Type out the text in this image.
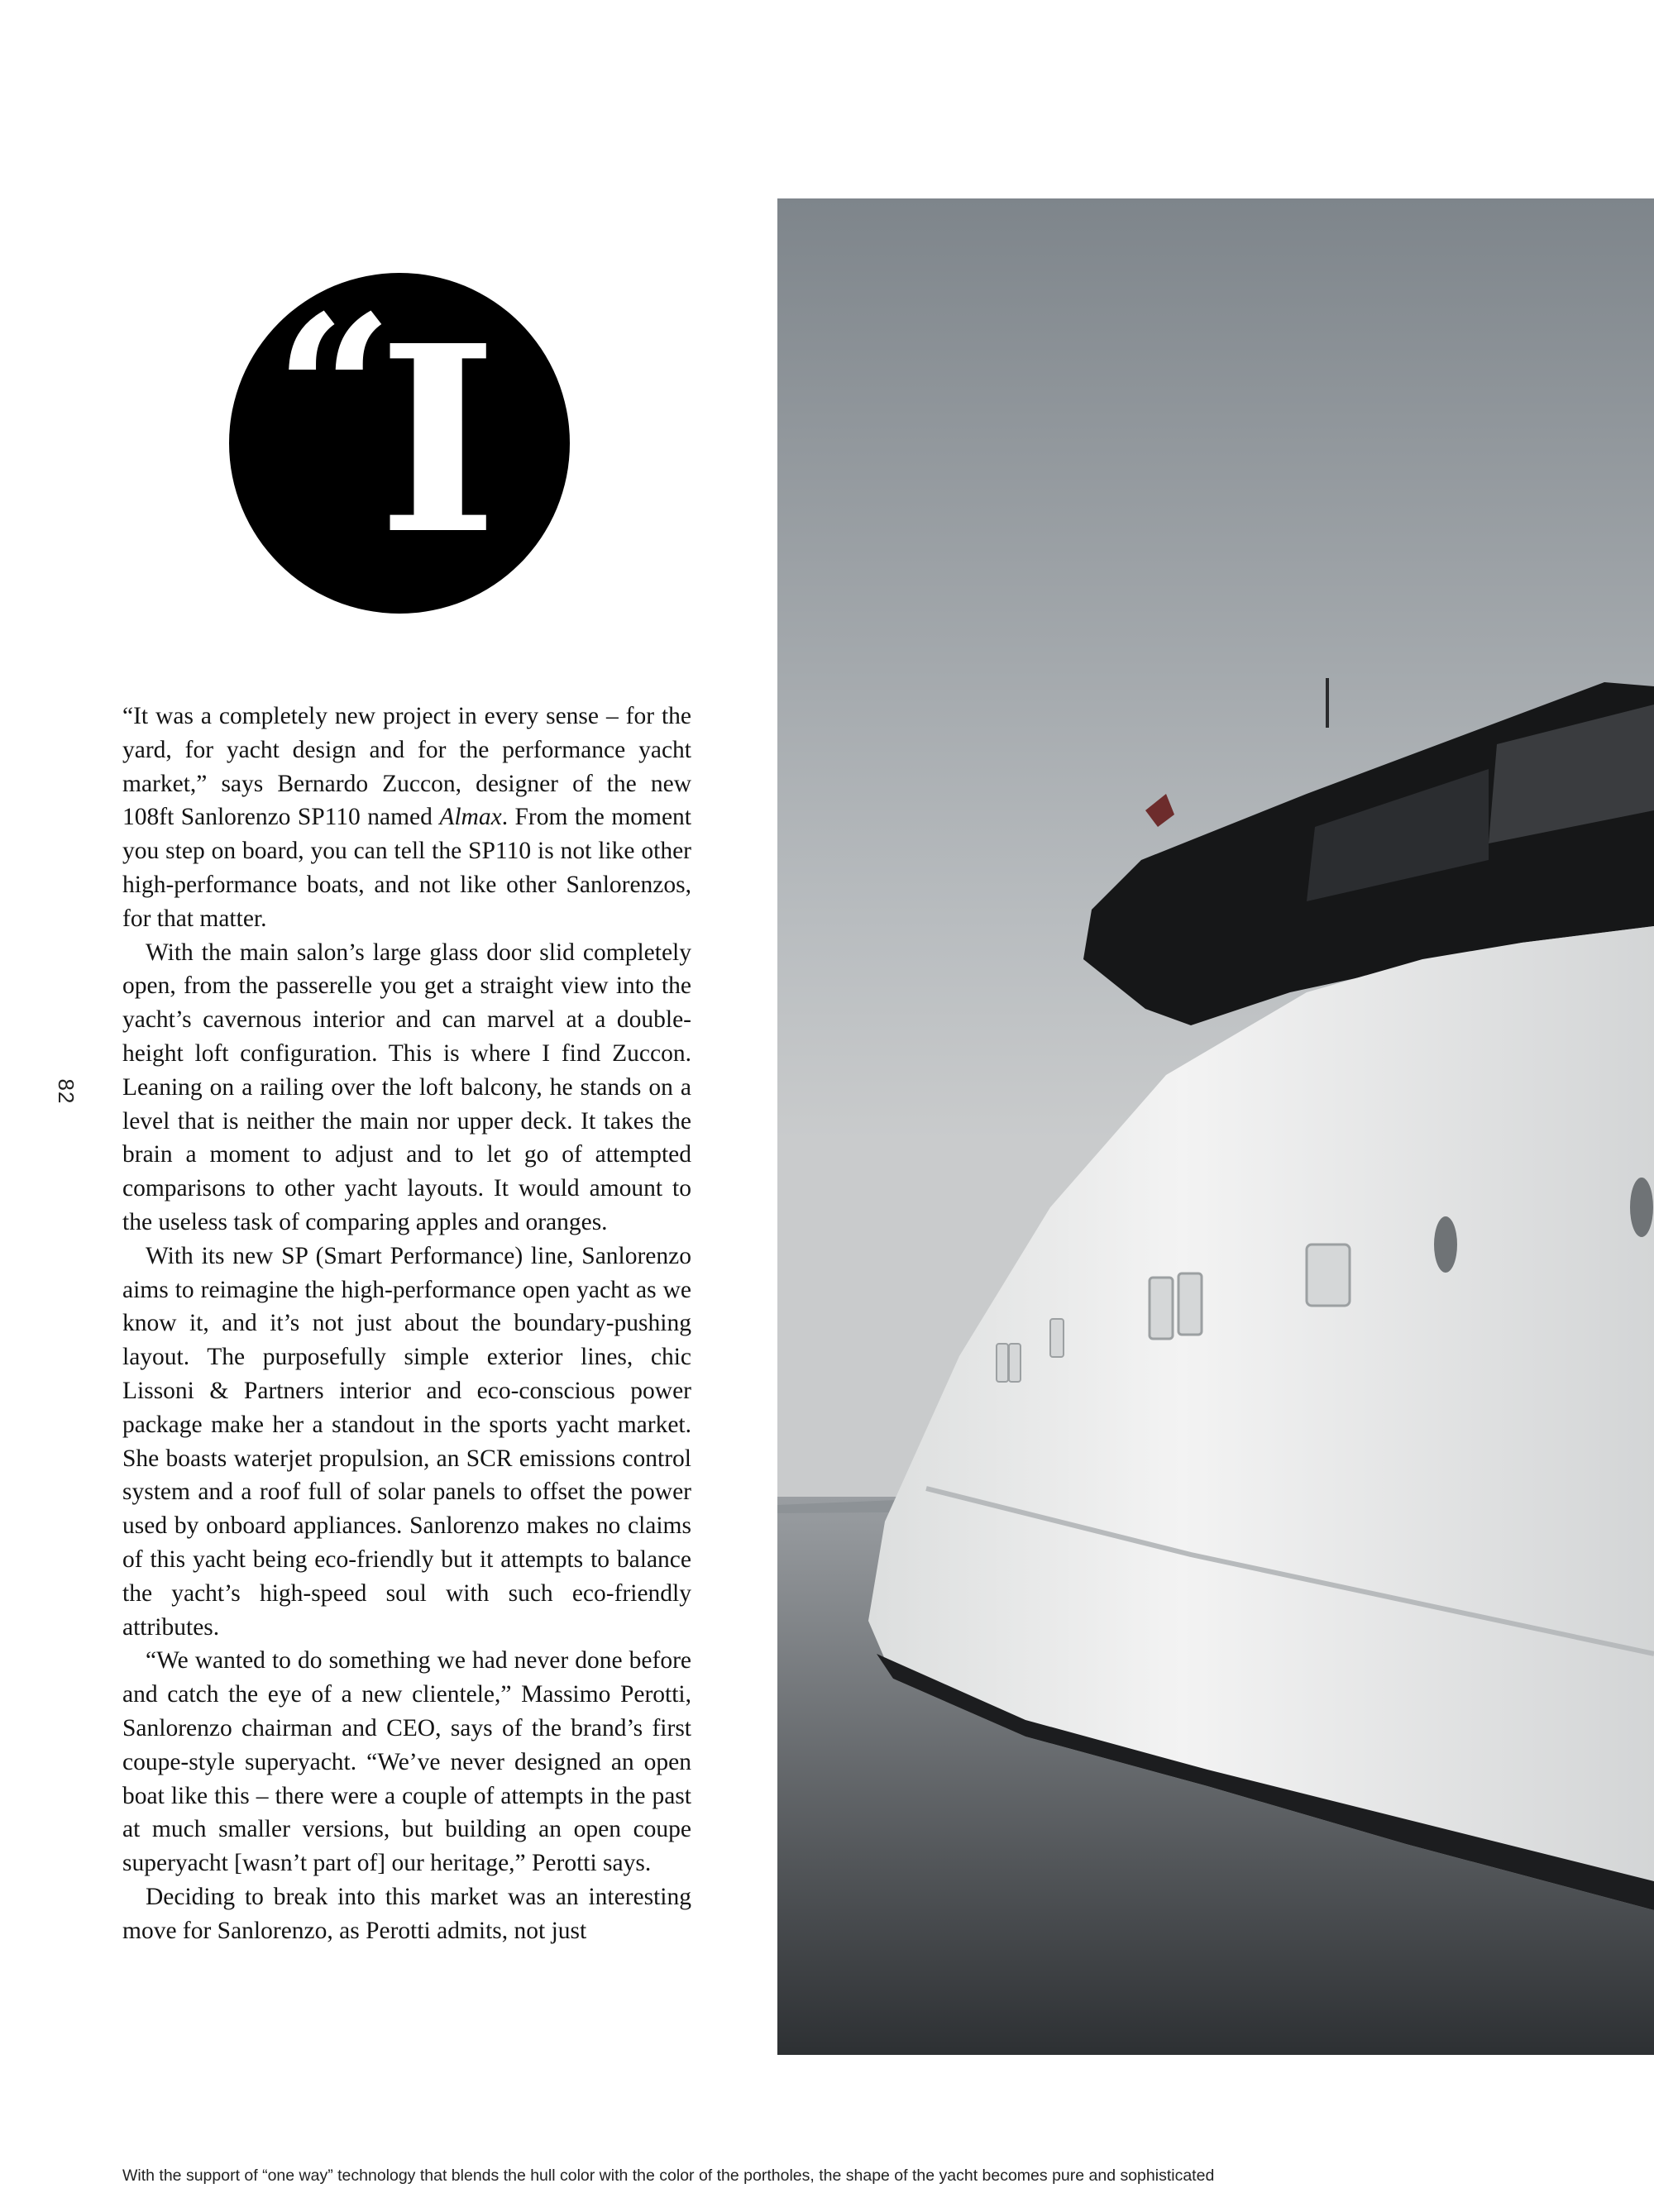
“
I
82

“It was a completely new project in every sense – for the yard, for yacht design and for the performance yacht market,” says Bernardo Zuccon, designer of the new 108ft Sanlorenzo SP110 named Almax. From the moment you step on board, you can tell the SP110 is not like other high-performance boats, and not like other Sanlorenzos, for that matter.

With the main salon’s large glass door slid completely open, from the passerelle you get a straight view into the yacht’s cavernous interior and can marvel at a double-height loft configuration. This is where I find Zuccon. Leaning on a railing over the loft balcony, he stands on a level that is neither the main nor upper deck. It takes the brain a moment to adjust and to let go of attempted comparisons to other yacht layouts. It would amount to the useless task of comparing apples and oranges.

With its new SP (Smart Performance) line, Sanlorenzo aims to reimagine the high-performance open yacht as we know it, and it’s not just about the boundary-pushing layout. The purposefully simple exterior lines, chic Lissoni & Partners interior and eco-conscious power package make her a standout in the sports yacht market. She boasts waterjet propulsion, an SCR emissions control system and a roof full of solar panels to offset the power used by onboard appliances. Sanlorenzo makes no claims of this yacht being eco-friendly but it attempts to balance the yacht’s high-speed soul with such eco-friendly attributes.

“We wanted to do something we had never done before and catch the eye of a new clientele,” Massimo Perotti, Sanlorenzo chairman and CEO, says of the brand’s first coupe-style superyacht. “We’ve never designed an open boat like this – there were a couple of attempts in the past at much smaller versions, but building an open coupe superyacht [wasn’t part of] our heritage,” Perotti says.

Deciding to break into this market was an interesting move for Sanlorenzo, as Perotti admits, not just

With the support of “one way” technology that blends the hull color with the color of the portholes, the shape of the yacht becomes pure and sophisticated
